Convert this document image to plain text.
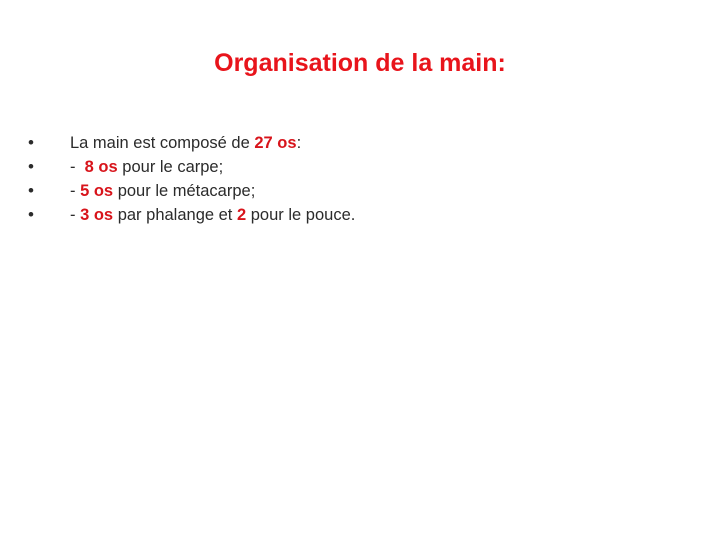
Organisation de la main:
• La main est composé de 27 os:
• -  8 os pour le carpe;
• - 5 os pour le métacarpe;
• - 3 os par phalange et 2 pour le pouce.
